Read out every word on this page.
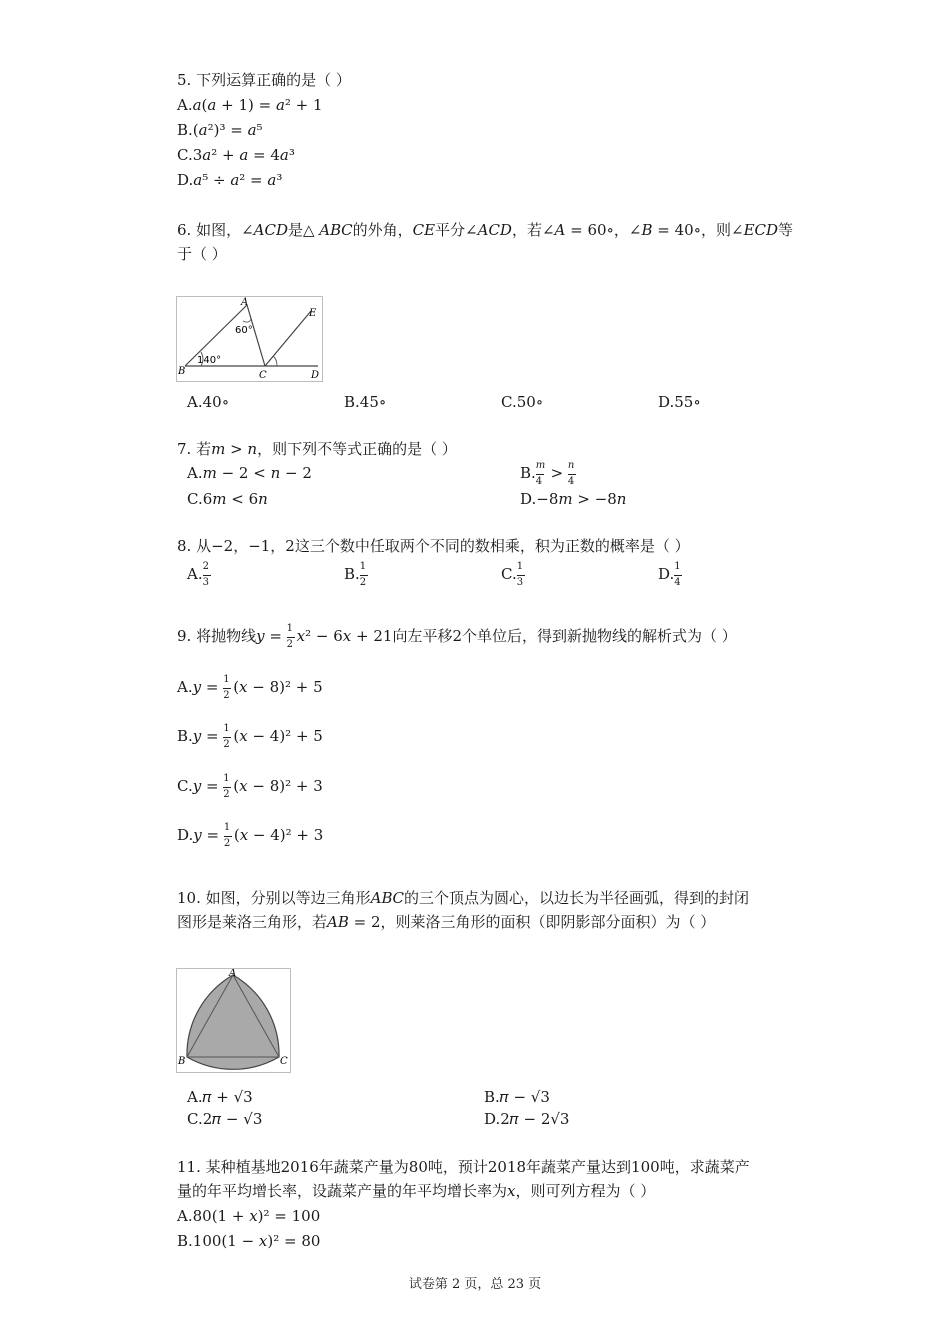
5. 下列运算正确的是（ ）
A.𝑎(𝑎 + 1) = 𝑎² + 1
B.(𝑎²)³ = 𝑎⁵
C.3𝑎² + 𝑎 = 4𝑎³
D.𝑎⁵ ÷ 𝑎² = 𝑎³
6. 如图，∠𝐴𝐶𝐷是△ 𝐴𝐵𝐶的外角，𝐶𝐸平分∠𝐴𝐶𝐷，若∠𝐴 = 60∘，∠𝐵 = 40∘，则∠𝐸𝐶𝐷等
于（ ）
A
B	C	D
E
60°
140°
A.40∘	B.45∘	C.50∘	D.55∘
7. 若𝑚 > 𝑛，则下列不等式正确的是（ ）
A.𝑚 − 2 < 𝑛 − 2	B. $\frac{\text{𝑚}}{4} > \frac{\text{𝑛}}{4}$
C.6𝑚 < 6𝑛	D.−8𝑚 > −8𝑛
8. 从−2，−1，2这三个数中任取两个不同的数相乘，积为正数的概率是（ ）
A. $\frac{2}{3}$	B. $\frac{1}{2}$	C. $\frac{1}{3}$	D. $\frac{1}{4}$
9. 将抛物线𝑦 = $\frac{1}{2}$ 𝑥² − 6𝑥 + 21向左平移2个单位后，得到新抛物线的解析式为（ ）
A.𝑦 = $\frac{1}{2}$ (𝑥 − 8)² + 5
B.𝑦 = $\frac{1}{2}$ (𝑥 − 4)² + 5
C.𝑦 = $\frac{1}{2}$ (𝑥 − 8)² + 3
D.𝑦 = $\frac{1}{2}$ (𝑥 − 4)² + 3
10. 如图，分别以等边三角形𝐴𝐵𝐶的三个顶点为圆心，以边长为半径画弧，得到的封闭
图形是莱洛三角形，若𝐴𝐵 = 2，则莱洛三角形的面积（即阴影部分面积）为（ ）
A
B	C
A.𝜋 + √3	B.𝜋 − √3
C.2𝜋 − √3	D.2𝜋 − 2√3
11. 某种植基地2016年蔬菜产量为80吨，预计2018年蔬菜产量达到100吨，求蔬菜产
量的年平均增长率，设蔬菜产量的年平均增长率为𝑥，则可列方程为（ ）
A.80(1 + 𝑥)² = 100
B.100(1 − 𝑥)² = 80
试卷第 2 页，总 23 页
